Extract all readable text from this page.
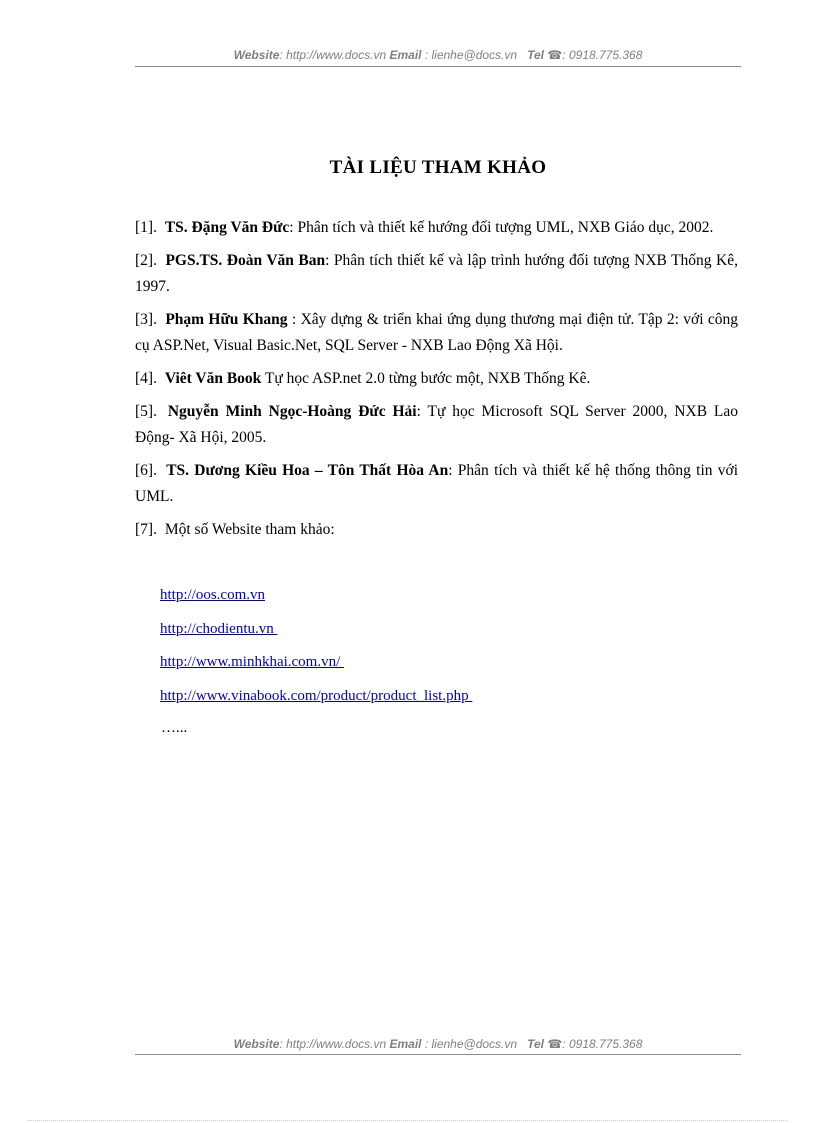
Website: http://www.docs.vn Email : lienhe@docs.vn Tel ☎: 0918.775.368
TÀI LIỆU THAM KHẢO

[1]. TS. Đặng Văn Đức: Phân tích và thiết kế hướng đối tượng UML, NXB Giáo dục, 2002.

[2]. PGS.TS. Đoàn Văn Ban: Phân tích thiết kế và lập trình hướng đối tượng NXB Thống Kê, 1997.

[3]. Phạm Hữu Khang : Xây dựng & triển khai ứng dụng thương mại điện tử. Tập 2: với công cụ ASP.Net, Visual Basic.Net, SQL Server - NXB Lao Động Xã Hội.

[4]. Viêt Văn Book Tự học ASP.net 2.0 từng bước một, NXB Thống Kê.

[5]. Nguyễn Minh Ngọc-Hoàng Đức Hải: Tự học Microsoft SQL Server 2000, NXB Lao Động- Xã Hội, 2005.

[6]. TS. Dương Kiều Hoa – Tôn Thất Hòa An: Phân tích và thiết kế hệ thống thông tin với UML.

[7]. Một số Website tham khảo:

http://oos.com.vn
http://chodientu.vn
http://www.minhkhai.com.vn/
http://www.vinabook.com/product/product_list.php
…...
Website: http://www.docs.vn Email : lienhe@docs.vn Tel ☎: 0918.775.368
